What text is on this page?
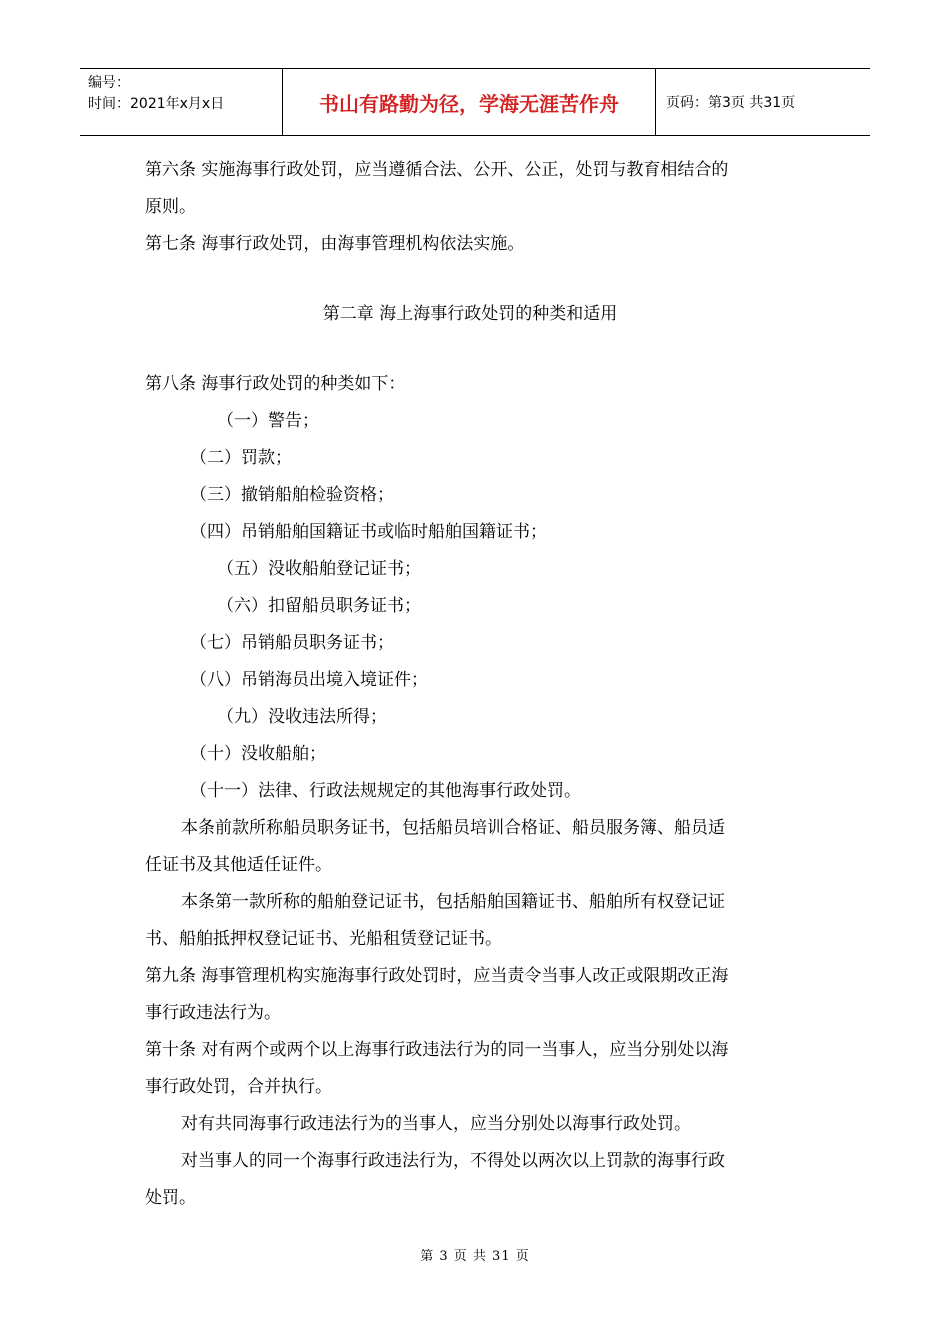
编号：
时间：2021年x月x日	书山有路勤为径，学海无涯苦作舟	页码：第3页 共31页
第六条 实施海事行政处罚，应当遵循合法、公开、公正，处罚与教育相结合的
原则。
第七条 海事行政处罚，由海事管理机构依法实施。
第二章 海上海事行政处罚的种类和适用
第八条 海事行政处罚的种类如下：
（一）警告；
（二）罚款；
（三）撤销船舶检验资格；
（四）吊销船舶国籍证书或临时船舶国籍证书；
（五）没收船舶登记证书；
（六）扣留船员职务证书；
（七）吊销船员职务证书；
（八）吊销海员出境入境证件；
（九）没收违法所得；
（十）没收船舶；
（十一）法律、行政法规规定的其他海事行政处罚。
本条前款所称船员职务证书，包括船员培训合格证、船员服务簿、船员适
任证书及其他适任证件。
本条第一款所称的船舶登记证书，包括船舶国籍证书、船舶所有权登记证
书、船舶抵押权登记证书、光船租赁登记证书。
第九条 海事管理机构实施海事行政处罚时，应当责令当事人改正或限期改正海
事行政违法行为。
第十条 对有两个或两个以上海事行政违法行为的同一当事人，应当分别处以海
事行政处罚，合并执行。
对有共同海事行政违法行为的当事人，应当分别处以海事行政处罚。
对当事人的同一个海事行政违法行为，不得处以两次以上罚款的海事行政
处罚。
第 3 页 共 31 页
